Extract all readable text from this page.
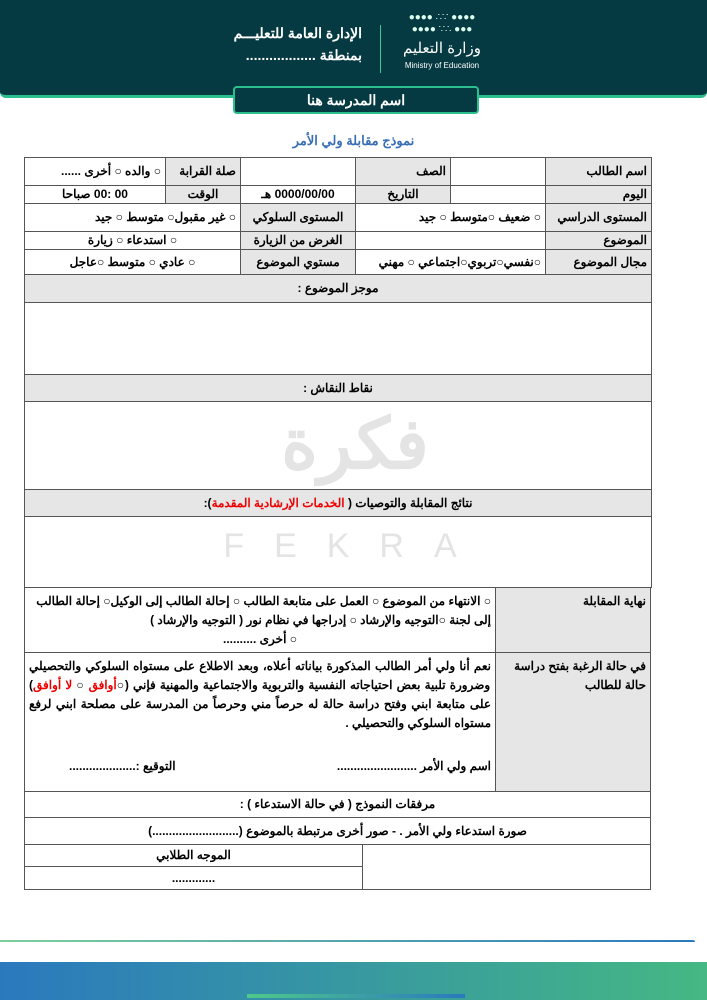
●●●● ∴∵ ●●●●
●●●● ∵∴ ●●●
وزارة التعليم
Ministry of Education
الإدارة العامة للتعليـــم
بمنطقة ..................
اسم المدرسة هنا
نموذج مقابلة ولي الأمر
فكرة
FEKRA
اسم الطالب		الصف		صلة القرابة	○ والده ○ أخرى ......
اليوم		التاريخ	0000/00/00 هـ	الوقت	00 :00 صباحا
المستوى الدراسي	○ ضعيف ○متوسط ○ جيد		المستوى السلوكي	○ غير مقبول○ متوسط ○ جيد	
الموضوع			الغرض من الزيارة	○ استدعاء ○ زيارة	
مجال الموضوع	○نفسي○تربوي○اجتماعي ○ مهني		مستوي الموضوع	○ عادي ○ متوسط ○عاجل	
موجز الموضوع :					

نقاط النقاش :					

نتائج المقابلة والتوصيات ( الخدمات الإرشادية المقدمة):					

نهاية المقابلة	○ الانتهاء من الموضوع ○ العمل على متابعة الطالب ○ إحالة الطالب إلى الوكيل○ إحالة الطالب إلى لجنة ○التوجيه والإرشاد ○ إدراجها في نظام نور ( التوجيه والإرشاد )
○ أخرى ..........

في حالة الرغبة بفتح دراسة حالة للطالب	نعم أنا ولي أمر الطالب المذكورة بياناته أعلاه، وبعد الاطلاع على مستواه السلوكي والتحصيلي وضرورة تلبية بعض احتياجاته النفسية والتربوية والاجتماعية والمهنية فإني (○أوافق ○ لا أوافق) على متابعة ابني وفتح دراسة حالة له حرصاً مني وحرصاً من المدرسة على مصلحة ابني لرفع مستواه السلوكي والتحصيلي .
اسم ولي الأمر ........................
التوقيع :....................
مرفقات النموذج ( في حالة الاستدعاء ) :
صورة استدعاء ولي الأمر . - صور أخرى مرتبطة بالموضوع (..........................)
	الموجه الطلابي
.............
